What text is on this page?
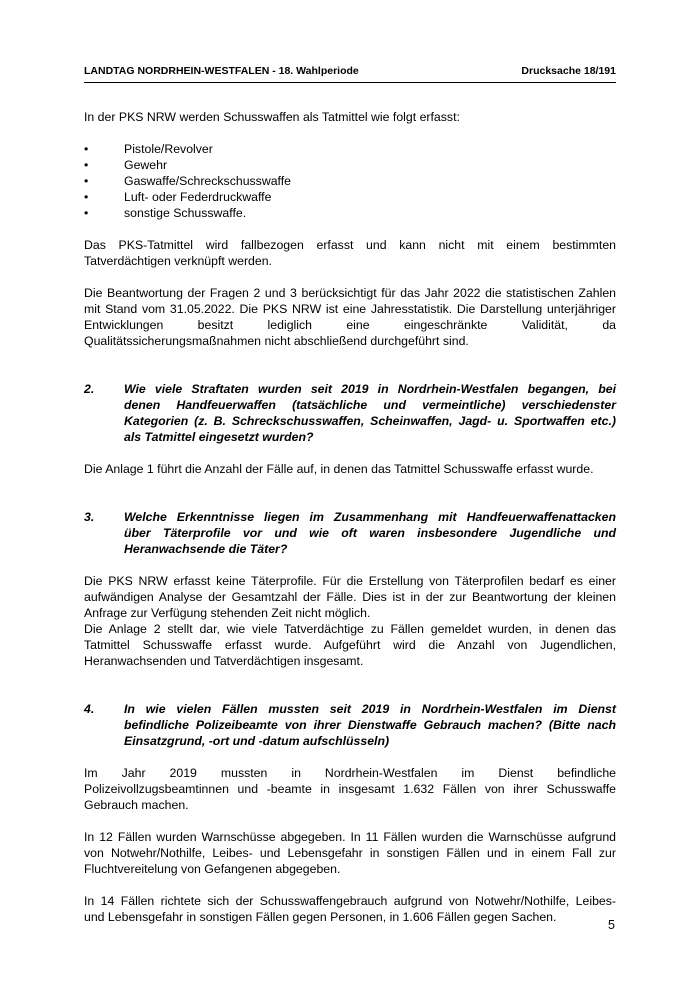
LANDTAG NORDRHEIN-WESTFALEN - 18. Wahlperiode	Drucksache 18/191

In der PKS NRW werden Schusswaffen als Tatmittel wie folgt erfasst:

•	Pistole/Revolver
•	Gewehr
•	Gaswaffe/Schreckschusswaffe
•	Luft- oder Federdruckwaffe
•	sonstige Schusswaffe.

Das PKS-Tatmittel wird fallbezogen erfasst und kann nicht mit einem bestimmten
Tatverdächtigen verknüpft werden.

Die Beantwortung der Fragen 2 und 3 berücksichtigt für das Jahr 2022 die statistischen Zahlen
mit Stand vom 31.05.2022. Die PKS NRW ist eine Jahresstatistik. Die Darstellung unterjähriger
Entwicklungen besitzt lediglich eine eingeschränkte Validität, da
Qualitätssicherungsmaßnahmen nicht abschließend durchgeführt sind.

2. Wie viele Straftaten wurden seit 2019 in Nordrhein-Westfalen begangen, bei
denen Handfeuerwaffen (tatsächliche und vermeintliche) verschiedenster
Kategorien (z. B. Schreckschusswaffen, Scheinwaffen, Jagd- u. Sportwaffen etc.)
als Tatmittel eingesetzt wurden?

Die Anlage 1 führt die Anzahl der Fälle auf, in denen das Tatmittel Schusswaffe erfasst wurde.

3. Welche Erkenntnisse liegen im Zusammenhang mit Handfeuerwaffenattacken
über Täterprofile vor und wie oft waren insbesondere Jugendliche und
Heranwachsende die Täter?

Die PKS NRW erfasst keine Täterprofile. Für die Erstellung von Täterprofilen bedarf es einer
aufwändigen Analyse der Gesamtzahl der Fälle. Dies ist in der zur Beantwortung der kleinen
Anfrage zur Verfügung stehenden Zeit nicht möglich.
Die Anlage 2 stellt dar, wie viele Tatverdächtige zu Fällen gemeldet wurden, in denen das
Tatmittel Schusswaffe erfasst wurde. Aufgeführt wird die Anzahl von Jugendlichen,
Heranwachsenden und Tatverdächtigen insgesamt.

4. In wie vielen Fällen mussten seit 2019 in Nordrhein-Westfalen im Dienst
befindliche Polizeibeamte von ihrer Dienstwaffe Gebrauch machen? (Bitte nach
Einsatzgrund, -ort und -datum aufschlüsseln)

Im Jahr 2019 mussten in Nordrhein-Westfalen im Dienst befindliche
Polizeivollzugsbeamtinnen und -beamte in insgesamt 1.632 Fällen von ihrer Schusswaffe
Gebrauch machen.

In 12 Fällen wurden Warnschüsse abgegeben. In 11 Fällen wurden die Warnschüsse aufgrund
von Notwehr/Nothilfe, Leibes- und Lebensgefahr in sonstigen Fällen und in einem Fall zur
Fluchtvereitelung von Gefangenen abgegeben.

In 14 Fällen richtete sich der Schusswaffengebrauch aufgrund von Notwehr/Nothilfe, Leibes-
und Lebensgefahr in sonstigen Fällen gegen Personen, in 1.606 Fällen gegen Sachen.

5
